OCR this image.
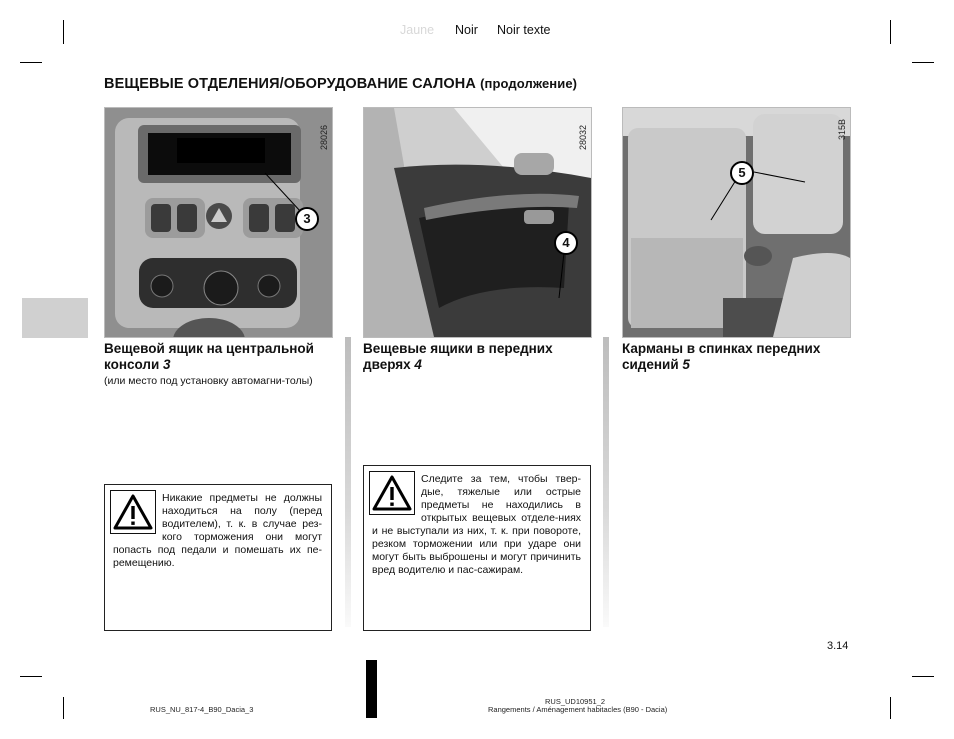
Jaune Noir Noir texte
ВЕЩЕВЫЕ ОТДЕЛЕНИЯ/ОБОРУДОВАНИЕ САЛОНА (продолжение)
3
28026
4
28032
5
315B
Вещевой ящик на центральной консоли 3
(или место под установку автомагни-толы)
Вещевые ящики в передних дверях 4
Карманы в спинках передних сидений 5
Никакие предметы не должны находиться на полу (перед водителем), т. к. в случае рез-кого торможения они могут попасть под педали и помешать их пе-ремещению.
Следите за тем, чтобы твер-дые, тяжелые или острые предметы не находились в открытых вещевых отделе-ниях и не выступали из них, т. к. при повороте, резком торможении или при ударе они могут быть выброшены и могут причинить вред водителю и пас-сажирам.
3.14
RUS_NU_817-4_B90_Dacia_3
RUS_UD10951_2
Rangements / Aménagement habitacles (B90 - Dacia)
